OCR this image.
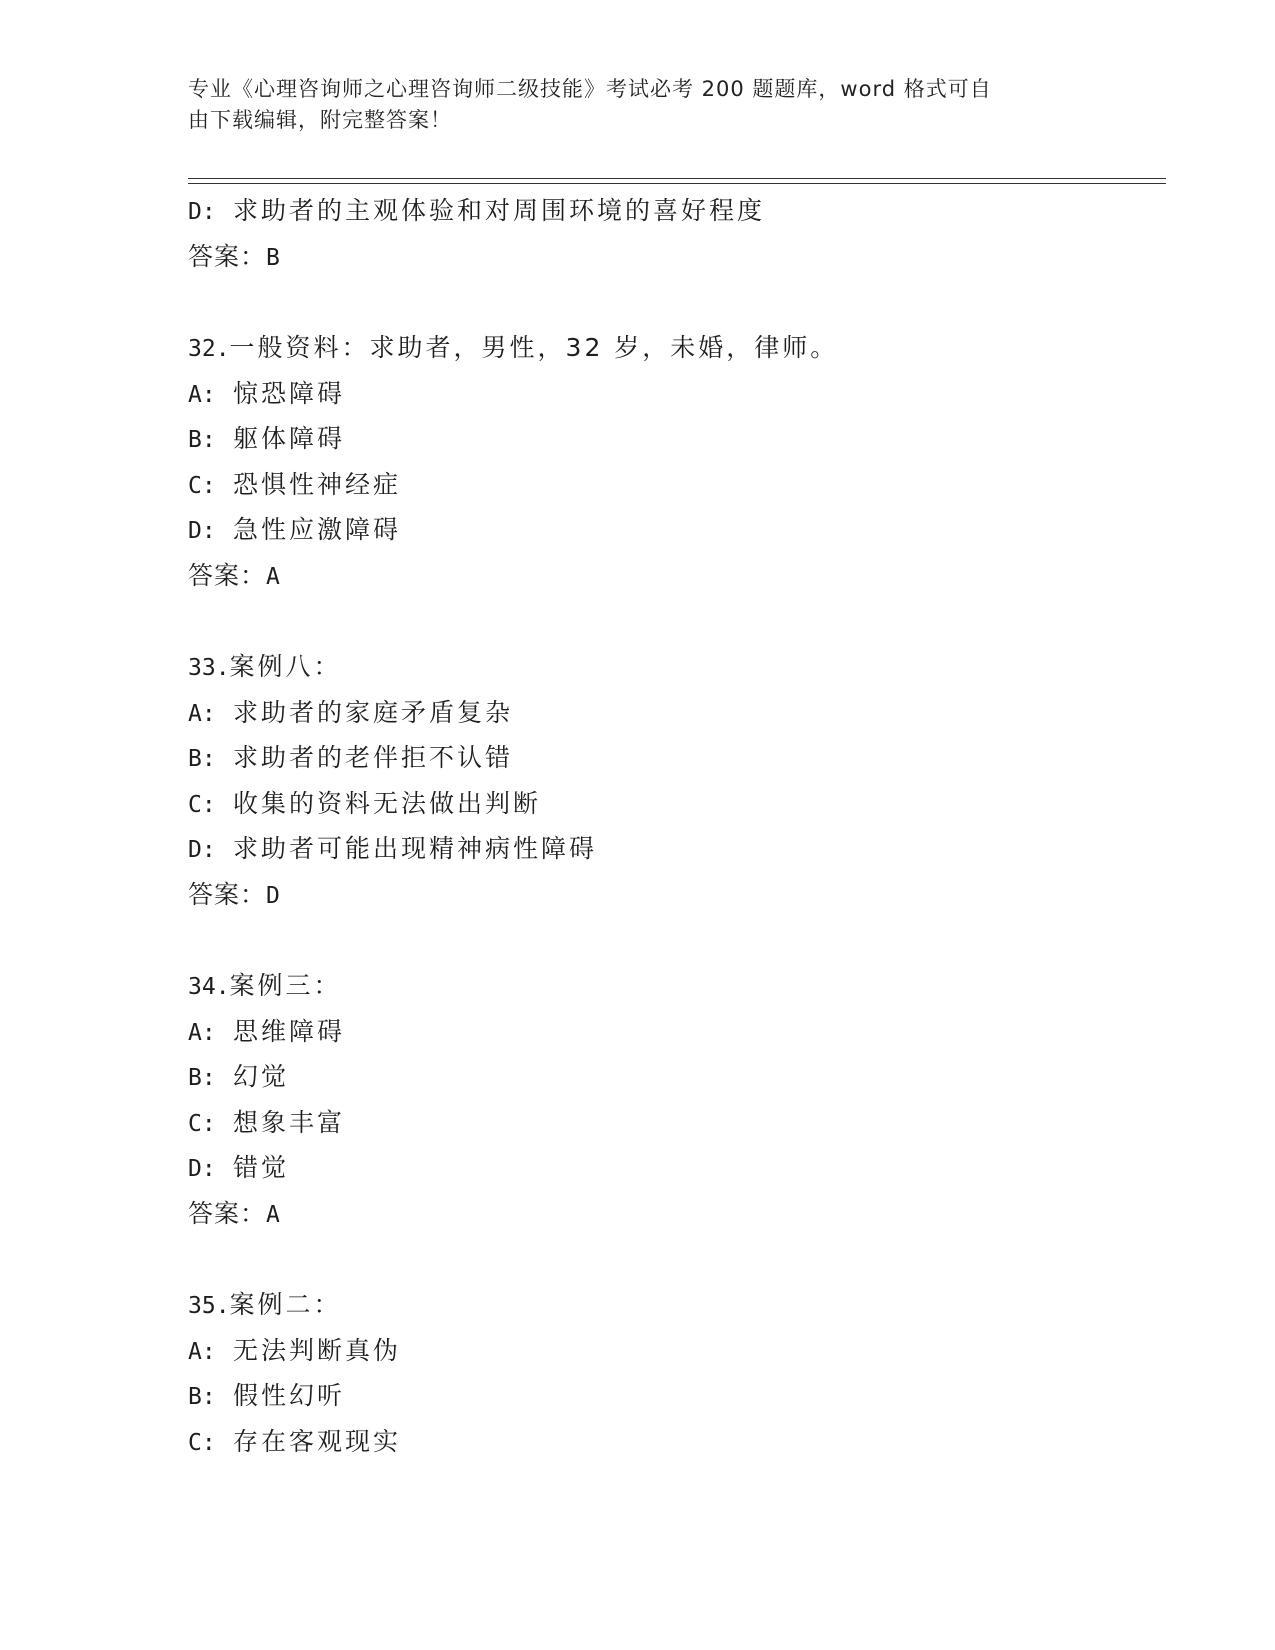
专业《心理咨询师之心理咨询师二级技能》考试必考 200 题题库，word 格式可自
由下载编辑，附完整答案！
D: 求助者的主观体验和对周围环境的喜好程度
答案：B
32.一般资料：求助者，男性，32 岁，未婚，律师。
A: 惊恐障碍
B: 躯体障碍
C: 恐惧性神经症
D: 急性应激障碍
答案：A
33.案例八：
A: 求助者的家庭矛盾复杂
B: 求助者的老伴拒不认错
C: 收集的资料无法做出判断
D: 求助者可能出现精神病性障碍
答案：D
34.案例三：
A: 思维障碍
B: 幻觉
C: 想象丰富
D: 错觉
答案：A
35.案例二：
A: 无法判断真伪
B: 假性幻听
C: 存在客观现实
